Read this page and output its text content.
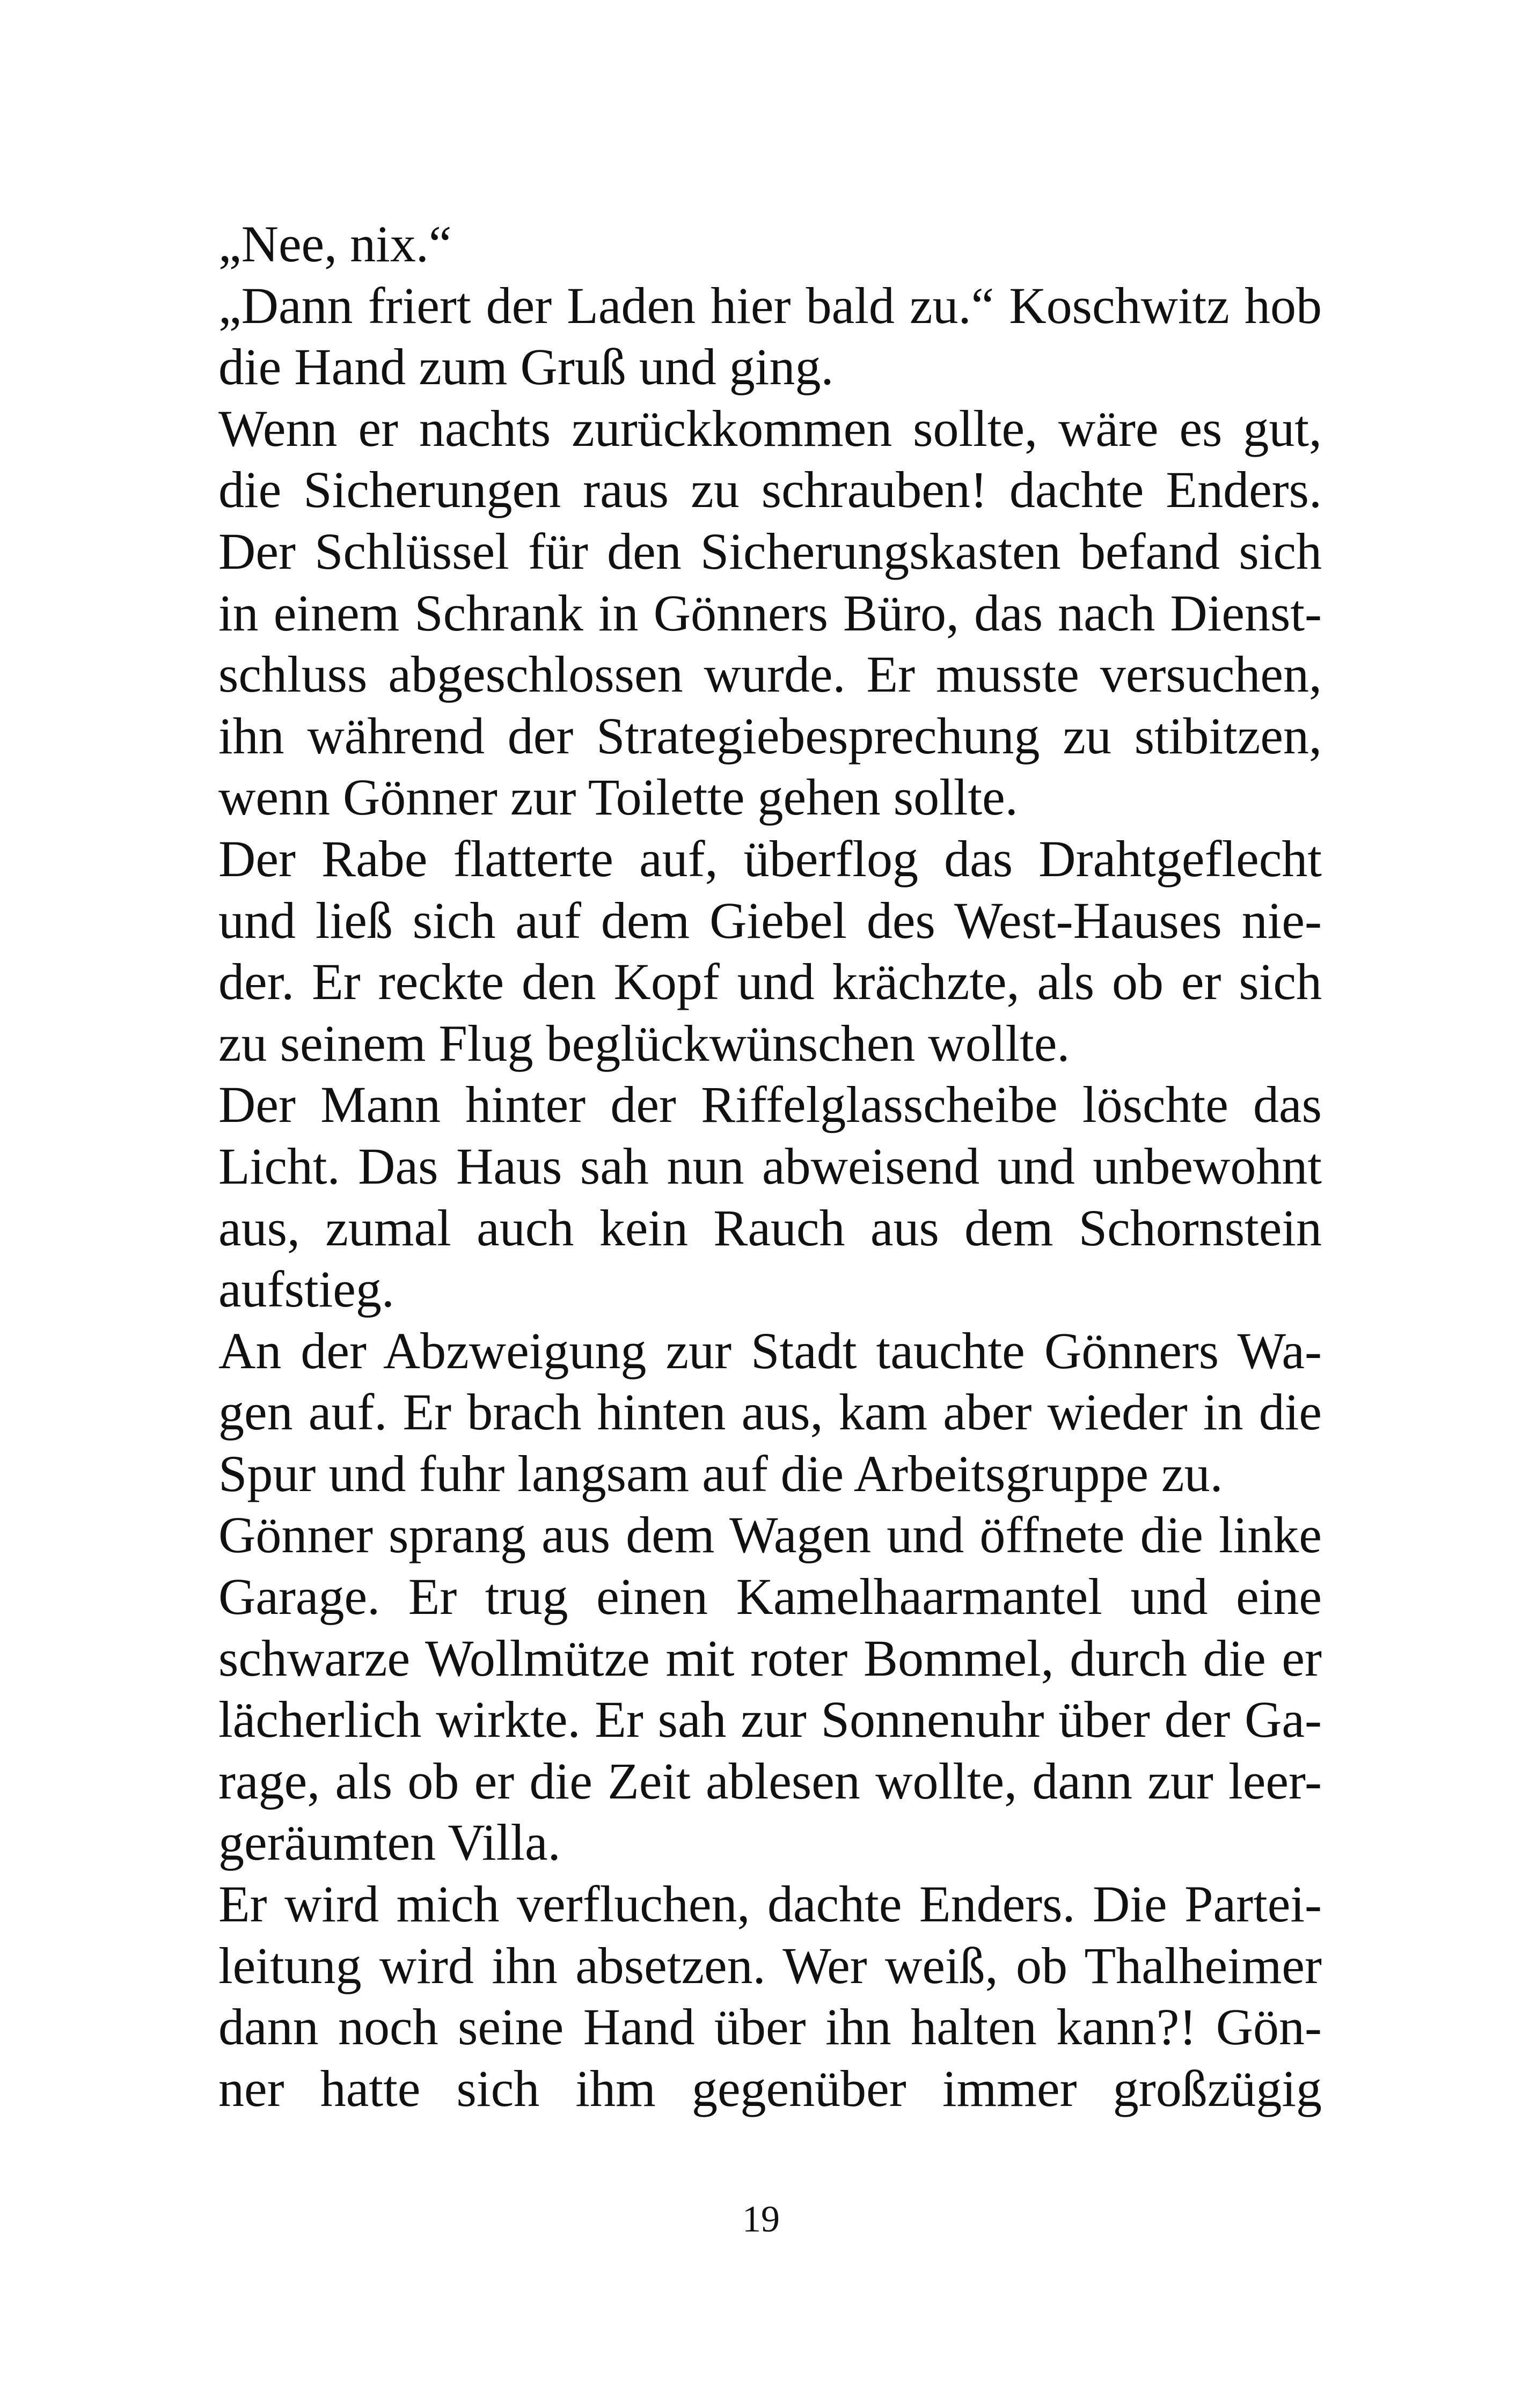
„Nee, nix.“
„Dann friert der Laden hier bald zu.“ Koschwitz hob
die Hand zum Gruß und ging.
Wenn er nachts zurückkommen sollte, wäre es gut,
die Sicherungen raus zu schrauben! dachte Enders.
Der Schlüssel für den Sicherungskasten befand sich
in einem Schrank in Gönners Büro, das nach Dienst-
schluss abgeschlossen wurde. Er musste versuchen,
ihn während der Strategiebesprechung zu stibitzen,
wenn Gönner zur Toilette gehen sollte.
Der Rabe flatterte auf, überflog das Drahtgeflecht
und ließ sich auf dem Giebel des West-Hauses nie-
der. Er reckte den Kopf und krächzte, als ob er sich
zu seinem Flug beglückwünschen wollte.
Der Mann hinter der Riffelglasscheibe löschte das
Licht. Das Haus sah nun abweisend und unbewohnt
aus, zumal auch kein Rauch aus dem Schornstein
aufstieg.
An der Abzweigung zur Stadt tauchte Gönners Wa-
gen auf. Er brach hinten aus, kam aber wieder in die
Spur und fuhr langsam auf die Arbeitsgruppe zu.
Gönner sprang aus dem Wagen und öffnete die linke
Garage. Er trug einen Kamelhaarmantel und eine
schwarze Wollmütze mit roter Bommel, durch die er
lächerlich wirkte. Er sah zur Sonnenuhr über der Ga-
rage, als ob er die Zeit ablesen wollte, dann zur leer-
geräumten Villa.
Er wird mich verfluchen, dachte Enders. Die Partei-
leitung wird ihn absetzen. Wer weiß, ob Thalheimer
dann noch seine Hand über ihn halten kann?! Gön-
ner hatte sich ihm gegenüber immer großzügig
19
